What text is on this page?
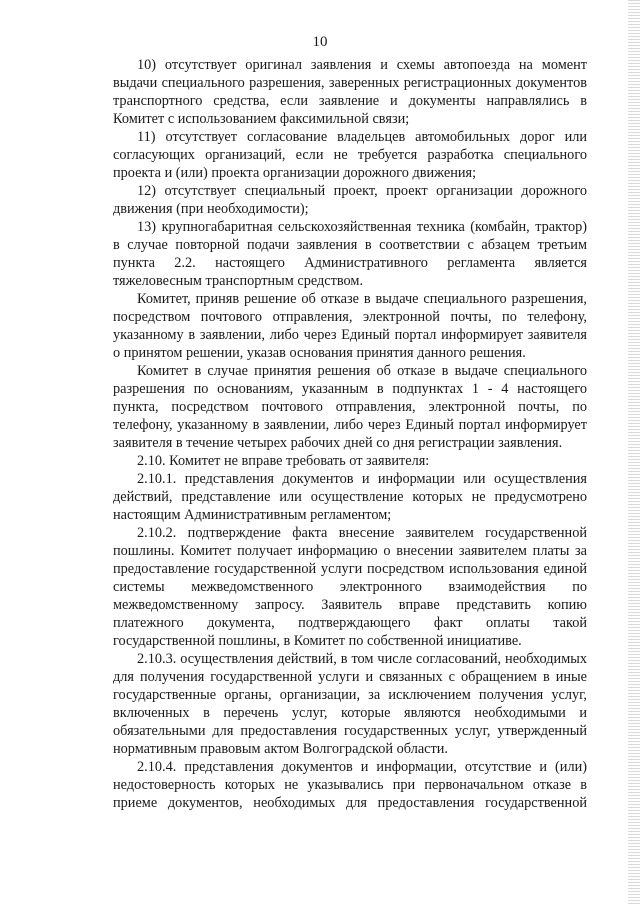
10

10) отсутствует оригинал заявления и схемы автопоезда на момент выдачи специального разрешения, заверенных регистрационных документов транспортного средства, если заявление и документы направлялись в Комитет с использованием факсимильной связи;

11) отсутствует согласование владельцев автомобильных дорог или согласующих организаций, если не требуется разработка специального проекта и (или) проекта организации дорожного движения;

12) отсутствует специальный проект, проект организации дорожного движения (при необходимости);

13) крупногабаритная сельскохозяйственная техника (комбайн, трактор) в случае повторной подачи заявления в соответствии с абзацем третьим пункта 2.2. настоящего Административного регламента является тяжеловесным транспортным средством.

Комитет, приняв решение об отказе в выдаче специального разрешения, посредством почтового отправления, электронной почты, по телефону, указанному в заявлении, либо через Единый портал информирует заявителя о принятом решении, указав основания принятия данного решения.

Комитет в случае принятия решения об отказе в выдаче специального разрешения по основаниям, указанным в подпунктах 1 - 4 настоящего пункта, посредством почтового отправления, электронной почты, по телефону, указанному в заявлении, либо через Единый портал информирует заявителя в течение четырех рабочих дней со дня регистрации заявления.

2.10. Комитет не вправе требовать от заявителя:

2.10.1. представления документов и информации или осуществления действий, представление или осуществление которых не предусмотрено настоящим Административным регламентом;

2.10.2. подтверждение факта внесение заявителем государственной пошлины. Комитет получает информацию о внесении заявителем платы за предоставление государственной услуги посредством использования единой системы межведомственного электронного взаимодействия по межведомственному запросу. Заявитель вправе представить копию платежного документа, подтверждающего факт оплаты такой государственной пошлины, в Комитет по собственной инициативе.

2.10.3. осуществления действий, в том числе согласований, необходимых для получения государственной услуги и связанных с обращением в иные государственные органы, организации, за исключением получения услуг, включенных в перечень услуг, которые являются необходимыми и обязательными для предоставления государственных услуг, утвержденный нормативным правовым актом Волгоградской области.

2.10.4. представления документов и информации, отсутствие и (или) недостоверность которых не указывались при первоначальном отказе в приеме документов, необходимых для предоставления государственной
